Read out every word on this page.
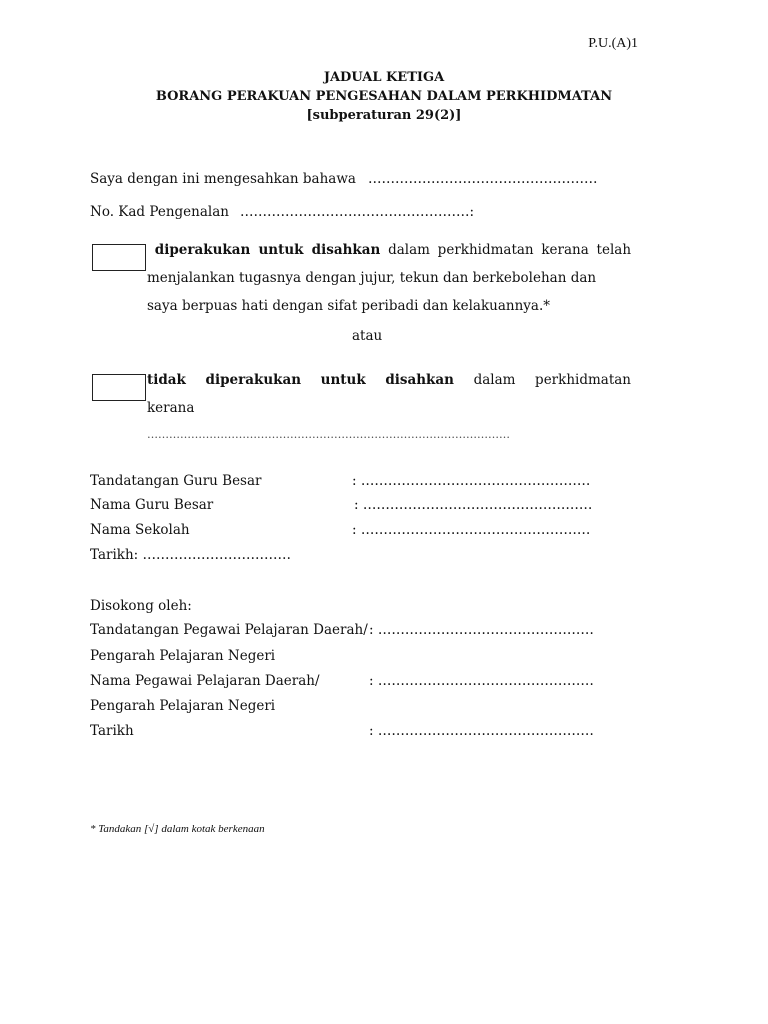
P.U.(A)1
JADUAL KETIGA
BORANG PERAKUAN PENGESAHAN DALAM PERKHIDMATAN
[subperaturan 29(2)]
Saya dengan ini mengesahkan bahawa ……………………………………………
No. Kad Pengenalan ……………………………………………:
diperakukan untuk disahkan dalam perkhidmatan kerana telah
menjalankan tugasnya dengan jujur, tekun dan berkebolehan dan
saya berpuas hati dengan sifat peribadi dan kelakuannya.*
atau
tidak diperakukan untuk disahkan dalam perkhidmatan
kerana
………………………………………………………………………………………
Tandatangan Guru Besar	: ……………………………………………
Nama Guru Besar	: ……………………………………………
Nama Sekolah	: ……………………………………………
Tarikh: ……………………………
Disokong oleh:
Tandatangan Pegawai Pelajaran Daerah/ : …………………………………………
Pengarah Pelajaran Negeri
Nama Pegawai Pelajaran Daerah/	: …………………………………………
Pengarah Pelajaran Negeri
Tarikh	: …………………………………………
* Tandakan [√] dalam kotak berkenaan
